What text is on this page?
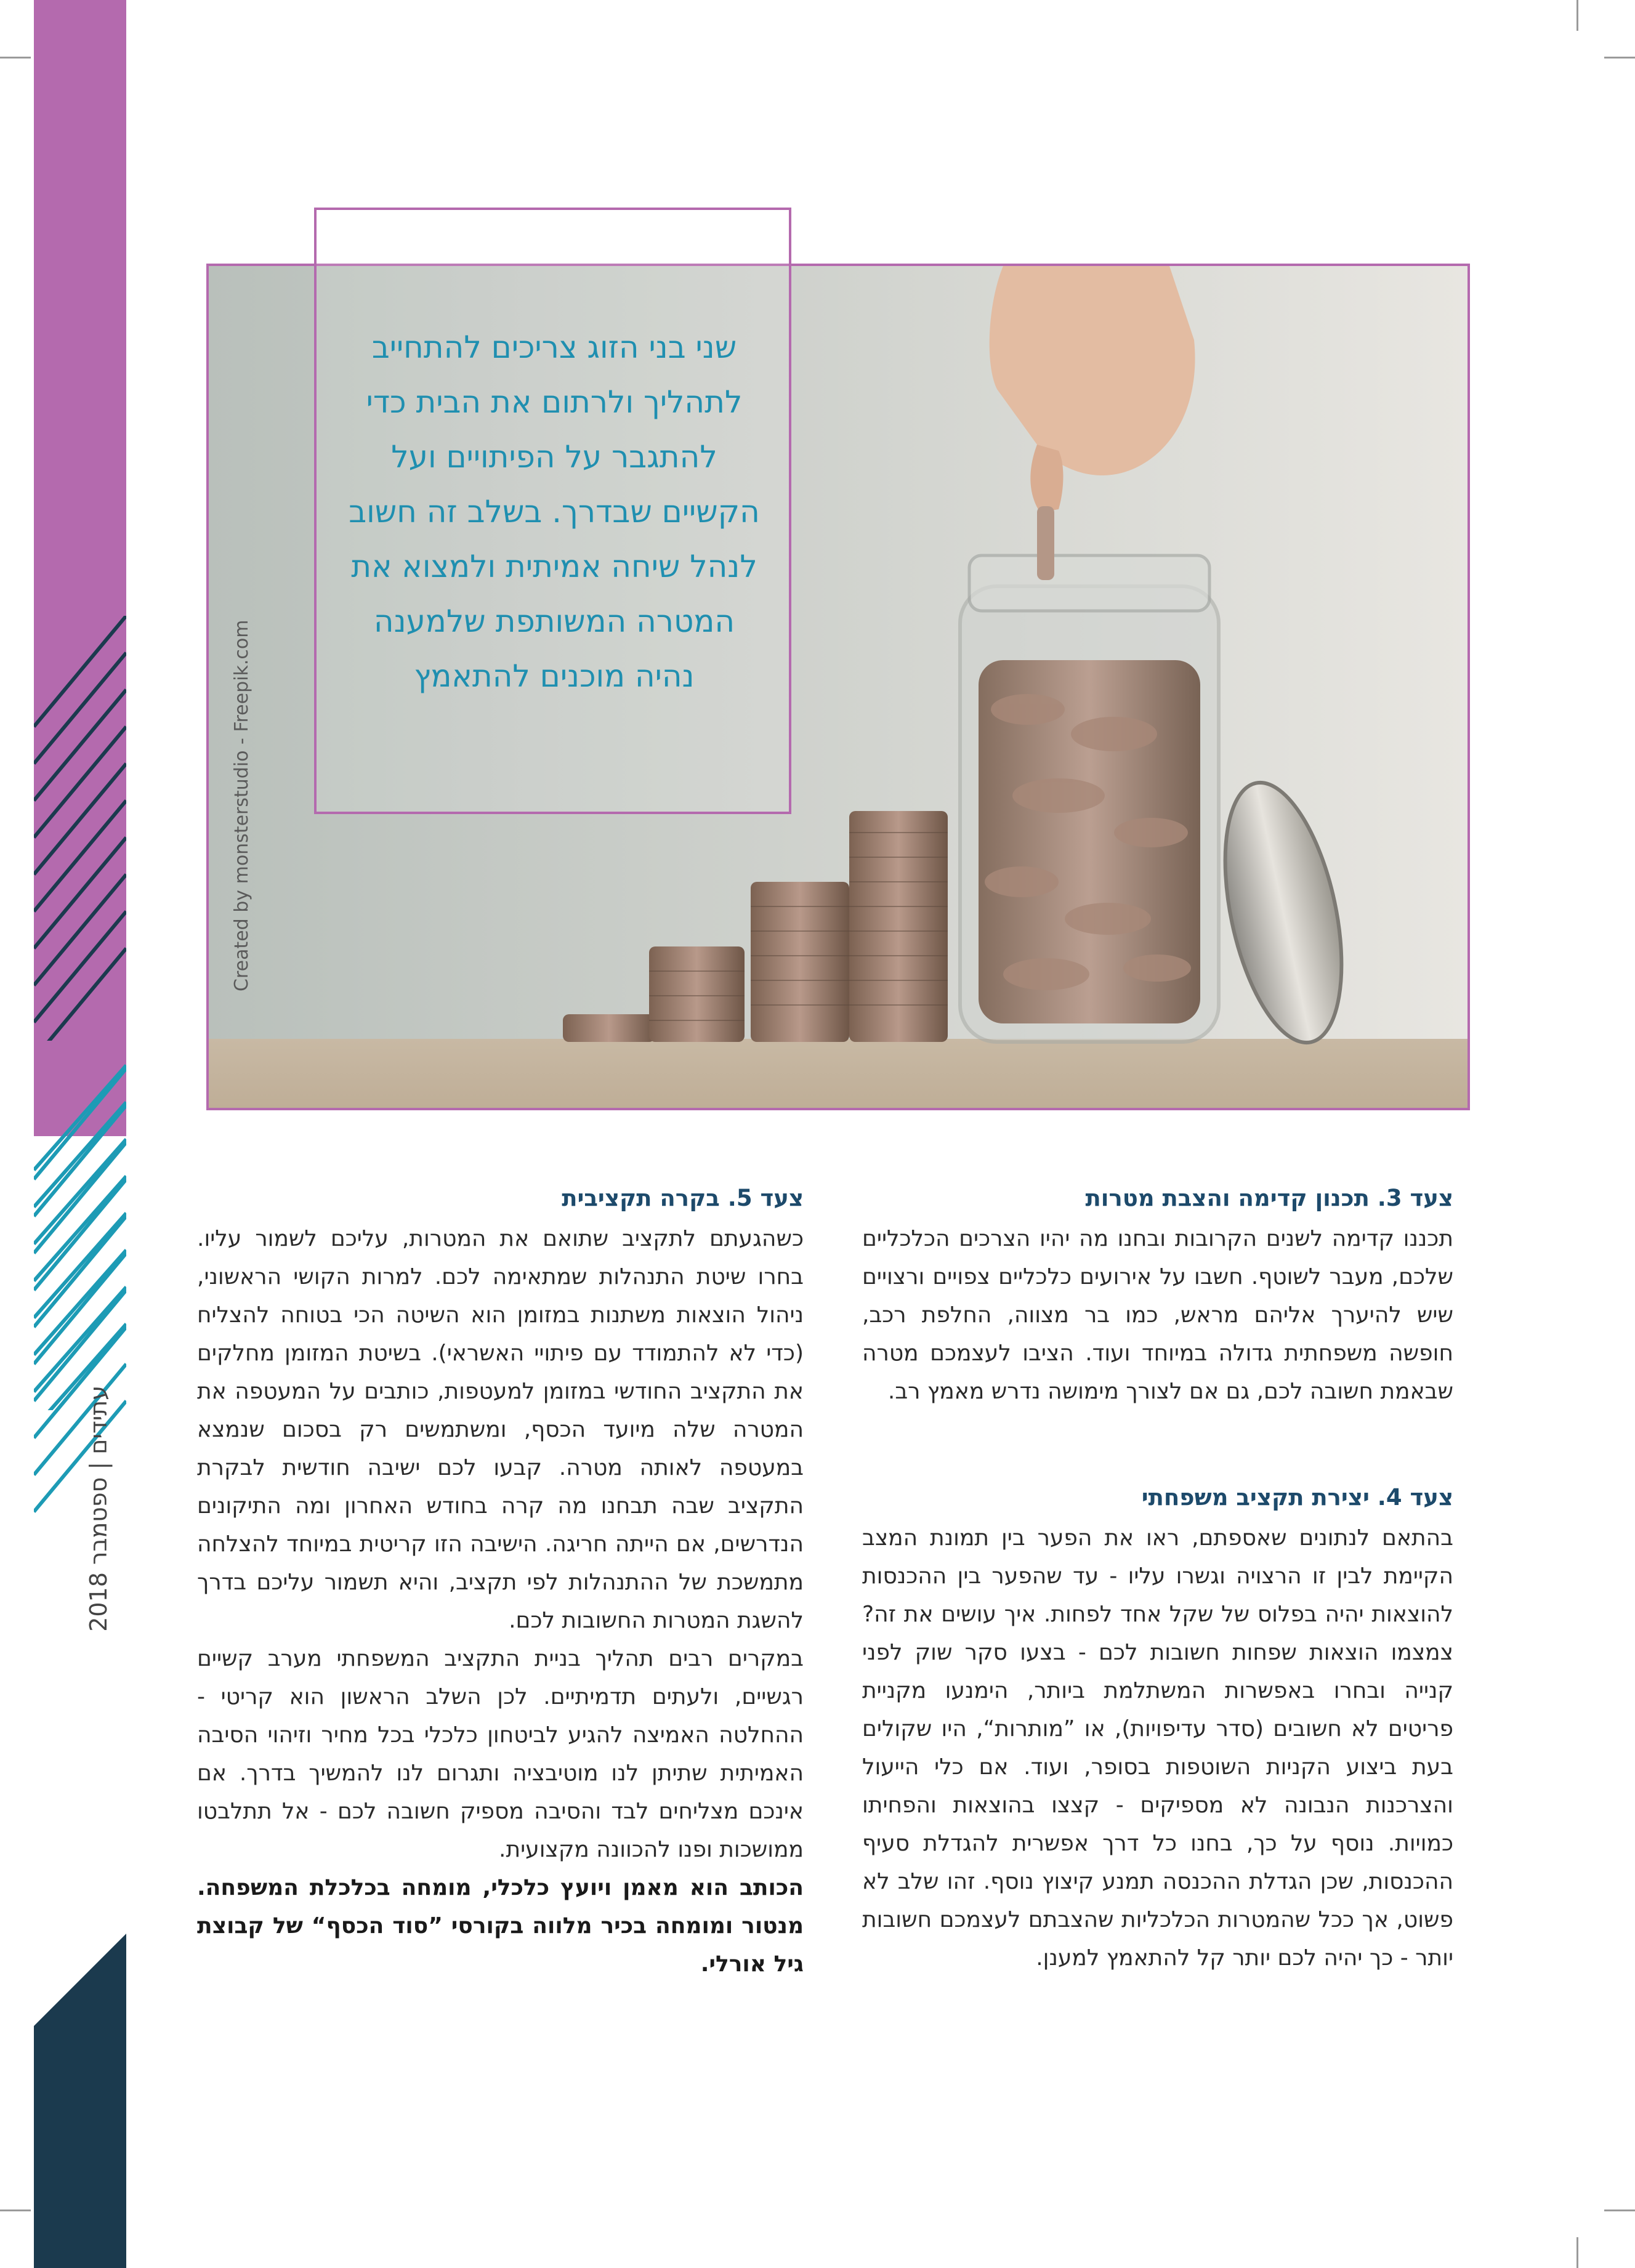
עתידים | ספטמבר 2018
Created by monsterstudio - Freepik.com
שני בני הזוג צריכים להתחייב לתהליך ולרתום את הבית כדי להתגבר על הפיתויים ועל הקשיים שבדרך. בשלב זה חשוב לנהל שיחה אמיתית ולמצוא את המטרה המשותפת שלמענה נהיה מוכנים להתאמץ
צעד 3. תכנון קדימה והצבת מטרות

תכננו קדימה לשנים הקרובות ובחנו מה יהיו הצרכים הכלכליים שלכם, מעבר לשוטף. חשבו על אירועים כלכליים צפויים ורצויים שיש להיערך אליהם מראש, כמו בר מצווה, החלפת רכב, חופשה משפחתית גדולה במיוחד ועוד. הציבו לעצמכם מטרה שבאמת חשובה לכם, גם אם לצורך מימושה נדרש מאמץ רב.

צעד 4. יצירת תקציב משפחתי

בהתאם לנתונים שאספתם, ראו את הפער בין תמונת המצב הקיימת לבין זו הרצויה וגשרו עליו - עד שהפער בין ההכנסות להוצאות יהיה בפלוס של שקל אחד לפחות. איך עושים את זה? צמצמו הוצאות שפחות חשובות לכם - בצעו סקר שוק לפני קנייה ובחרו באפשרות המשתלמת ביותר, הימנעו מקניית פריטים לא חשובים (סדר עדיפויות), או ”מותרות“, היו שקולים בעת ביצוע הקניות השוטפות בסופר, ועוד. אם כלי הייעול והצרכנות הנבונה לא מספיקים - קצצו בהוצאות והפחיתו כמויות. נוסף על כך, בחנו כל דרך אפשרית להגדלת סעיף ההכנסות, שכן הגדלת ההכנסה תמנע קיצוץ נוסף. זהו שלב לא פשוט, אך ככל שהמטרות הכלכליות שהצבתם לעצמכם חשובות יותר - כך יהיה לכם יותר קל להתאמץ למענן.

צעד 5. בקרה תקציבית

כשהגעתם לתקציב שתואם את המטרות, עליכם לשמור עליו. בחרו שיטת התנהלות שמתאימה לכם. למרות הקושי הראשוני, ניהול הוצאות משתנות במזומן הוא השיטה הכי בטוחה להצליח (כדי לא להתמודד עם פיתויי האשראי). בשיטת המזומן מחלקים את התקציב החודשי במזומן למעטפות, כותבים על המעטפה את המטרה שלה מיועד הכסף, ומשתמשים רק בסכום שנמצא במעטפה לאותה מטרה. קבעו לכם ישיבה חודשית לבקרת התקציב שבה תבחנו מה קרה בחודש האחרון ומה התיקונים הנדרשים, אם הייתה חריגה. הישיבה הזו קריטית במיוחד להצלחה מתמשכת של ההתנהלות לפי תקציב, והיא תשמור עליכם בדרך להשגת המטרות החשובות לכם.

במקרים רבים תהליך בניית התקציב המשפחתי מערב קשיים רגשיים, ולעתים תדמיתיים. לכן השלב הראשון הוא קריטי - ההחלטה האמיצה להגיע לביטחון כלכלי בכל מחיר וזיהוי הסיבה האמיתית שתיתן לנו מוטיבציה ותגרום לנו להמשיך בדרך. אם אינכם מצליחים לבד והסיבה מספיק חשובה לכם - אל תתלבטו ממושכות ופנו להכוונה מקצועית.

הכותב הוא מאמן ויועץ כלכלי, מומחה בכלכלת המשפחה. מנטור ומומחה בכיר מלווה בקורסי ”סוד הכסף“ של קבוצת גיל אורלי.
